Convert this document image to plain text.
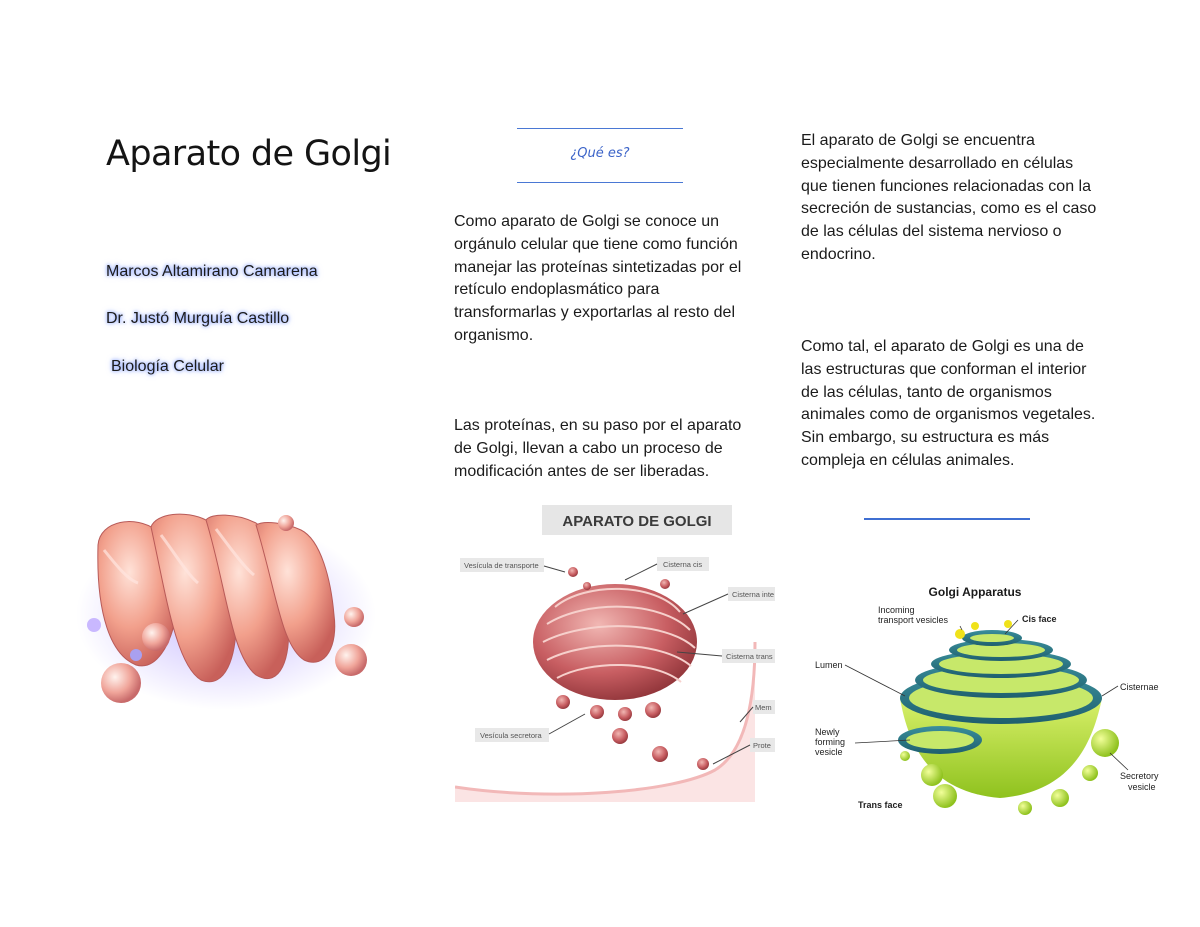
Aparato de Golgi
Marcos Altamirano Camarena
Dr. Justó Murguía Castillo
Biología Celular
¿Qué es?
Como aparato de Golgi se conoce un orgánulo celular que tiene como función manejar las proteínas sintetizadas por el retículo endoplasmático para transformarlas y exportarlas al resto del organismo.
Las proteínas, en su paso por el aparato de Golgi, llevan a cabo un proceso de modificación antes de ser liberadas.
APARATO DE GOLGI
Vesícula de transporte	Cisterna cis
Cisterna inte
Cisterna trans
Mem
Vesícula secretora
Prote
El aparato de Golgi se encuentra especialmente desarrollado en células que tienen funciones relacionadas con la secreción de sustancias, como es el caso de las células del sistema nervioso o endocrino.
Como tal, el aparato de Golgi es una de las estructuras que conforman el interior de las células, tanto de organismos animales como de organismos vegetales. Sin embargo, su estructura es más compleja en células animales.
Golgi Apparatus
Incoming
transport vesicles	Cis face
Lumen
Cisternae
Newly
forming
vesicle
Secretory
vesicle
Trans face
